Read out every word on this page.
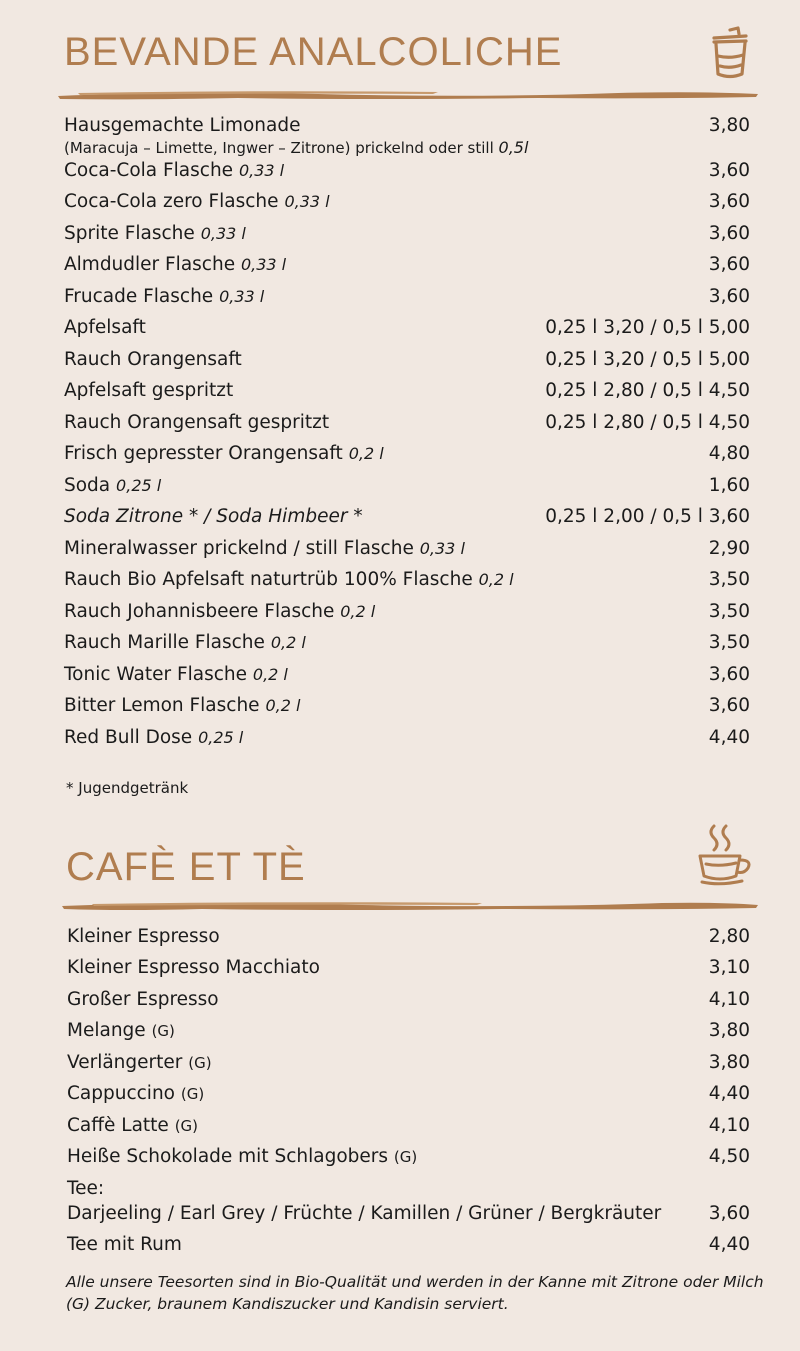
BEVANDE ANALCOLICHE
Hausgemachte Limonade	3,80
Coca-Cola Flasche 0,33 l	3,60
Coca-Cola zero Flasche 0,33 l	3,60
Sprite Flasche 0,33 l	3,60
Almdudler Flasche 0,33 l	3,60
Frucade Flasche 0,33 l	3,60
Apfelsaft	0,25 l 3,20 / 0,5 l 5,00
Rauch Orangensaft	0,25 l 3,20 / 0,5 l 5,00
Apfelsaft gespritzt	0,25 l 2,80 / 0,5 l 4,50
Rauch Orangensaft gespritzt	0,25 l 2,80 / 0,5 l 4,50
Frisch gepresster Orangensaft 0,2 l	4,80
Soda 0,25 l	1,60
Soda Zitrone * / Soda Himbeer *	0,25 l 2,00 / 0,5 l 3,60
Mineralwasser prickelnd / still Flasche 0,33 l	2,90
Rauch Bio Apfelsaft naturtrüb 100% Flasche 0,2 l	3,50
Rauch Johannisbeere Flasche 0,2 l	3,50
Rauch Marille Flasche 0,2 l	3,50
Tonic Water Flasche 0,2 l	3,60
Bitter Lemon Flasche 0,2 l	3,60
Red Bull Dose 0,25 l	4,40
(Maracuja – Limette, Ingwer – Zitrone) prickelnd oder still 0,5l
* Jugendgetränk
CAFÈ ET TÈ
Kleiner Espresso	2,80
Kleiner Espresso Macchiato	3,10
Großer Espresso	4,10
Melange (G)	3,80
Verlängerter (G)	3,80
Cappuccino (G)	4,40
Caffè Latte (G)	4,10
Heiße Schokolade mit Schlagobers (G)	4,50
Tee:
Darjeeling / Earl Grey / Früchte / Kamillen / Grüner / Bergkräuter	3,60
Tee mit Rum	4,40
Alle unsere Teesorten sind in Bio-Qualität und werden in der Kanne mit Zitrone oder Milch (G) Zucker, braunem Kandiszucker und Kandisin serviert.
